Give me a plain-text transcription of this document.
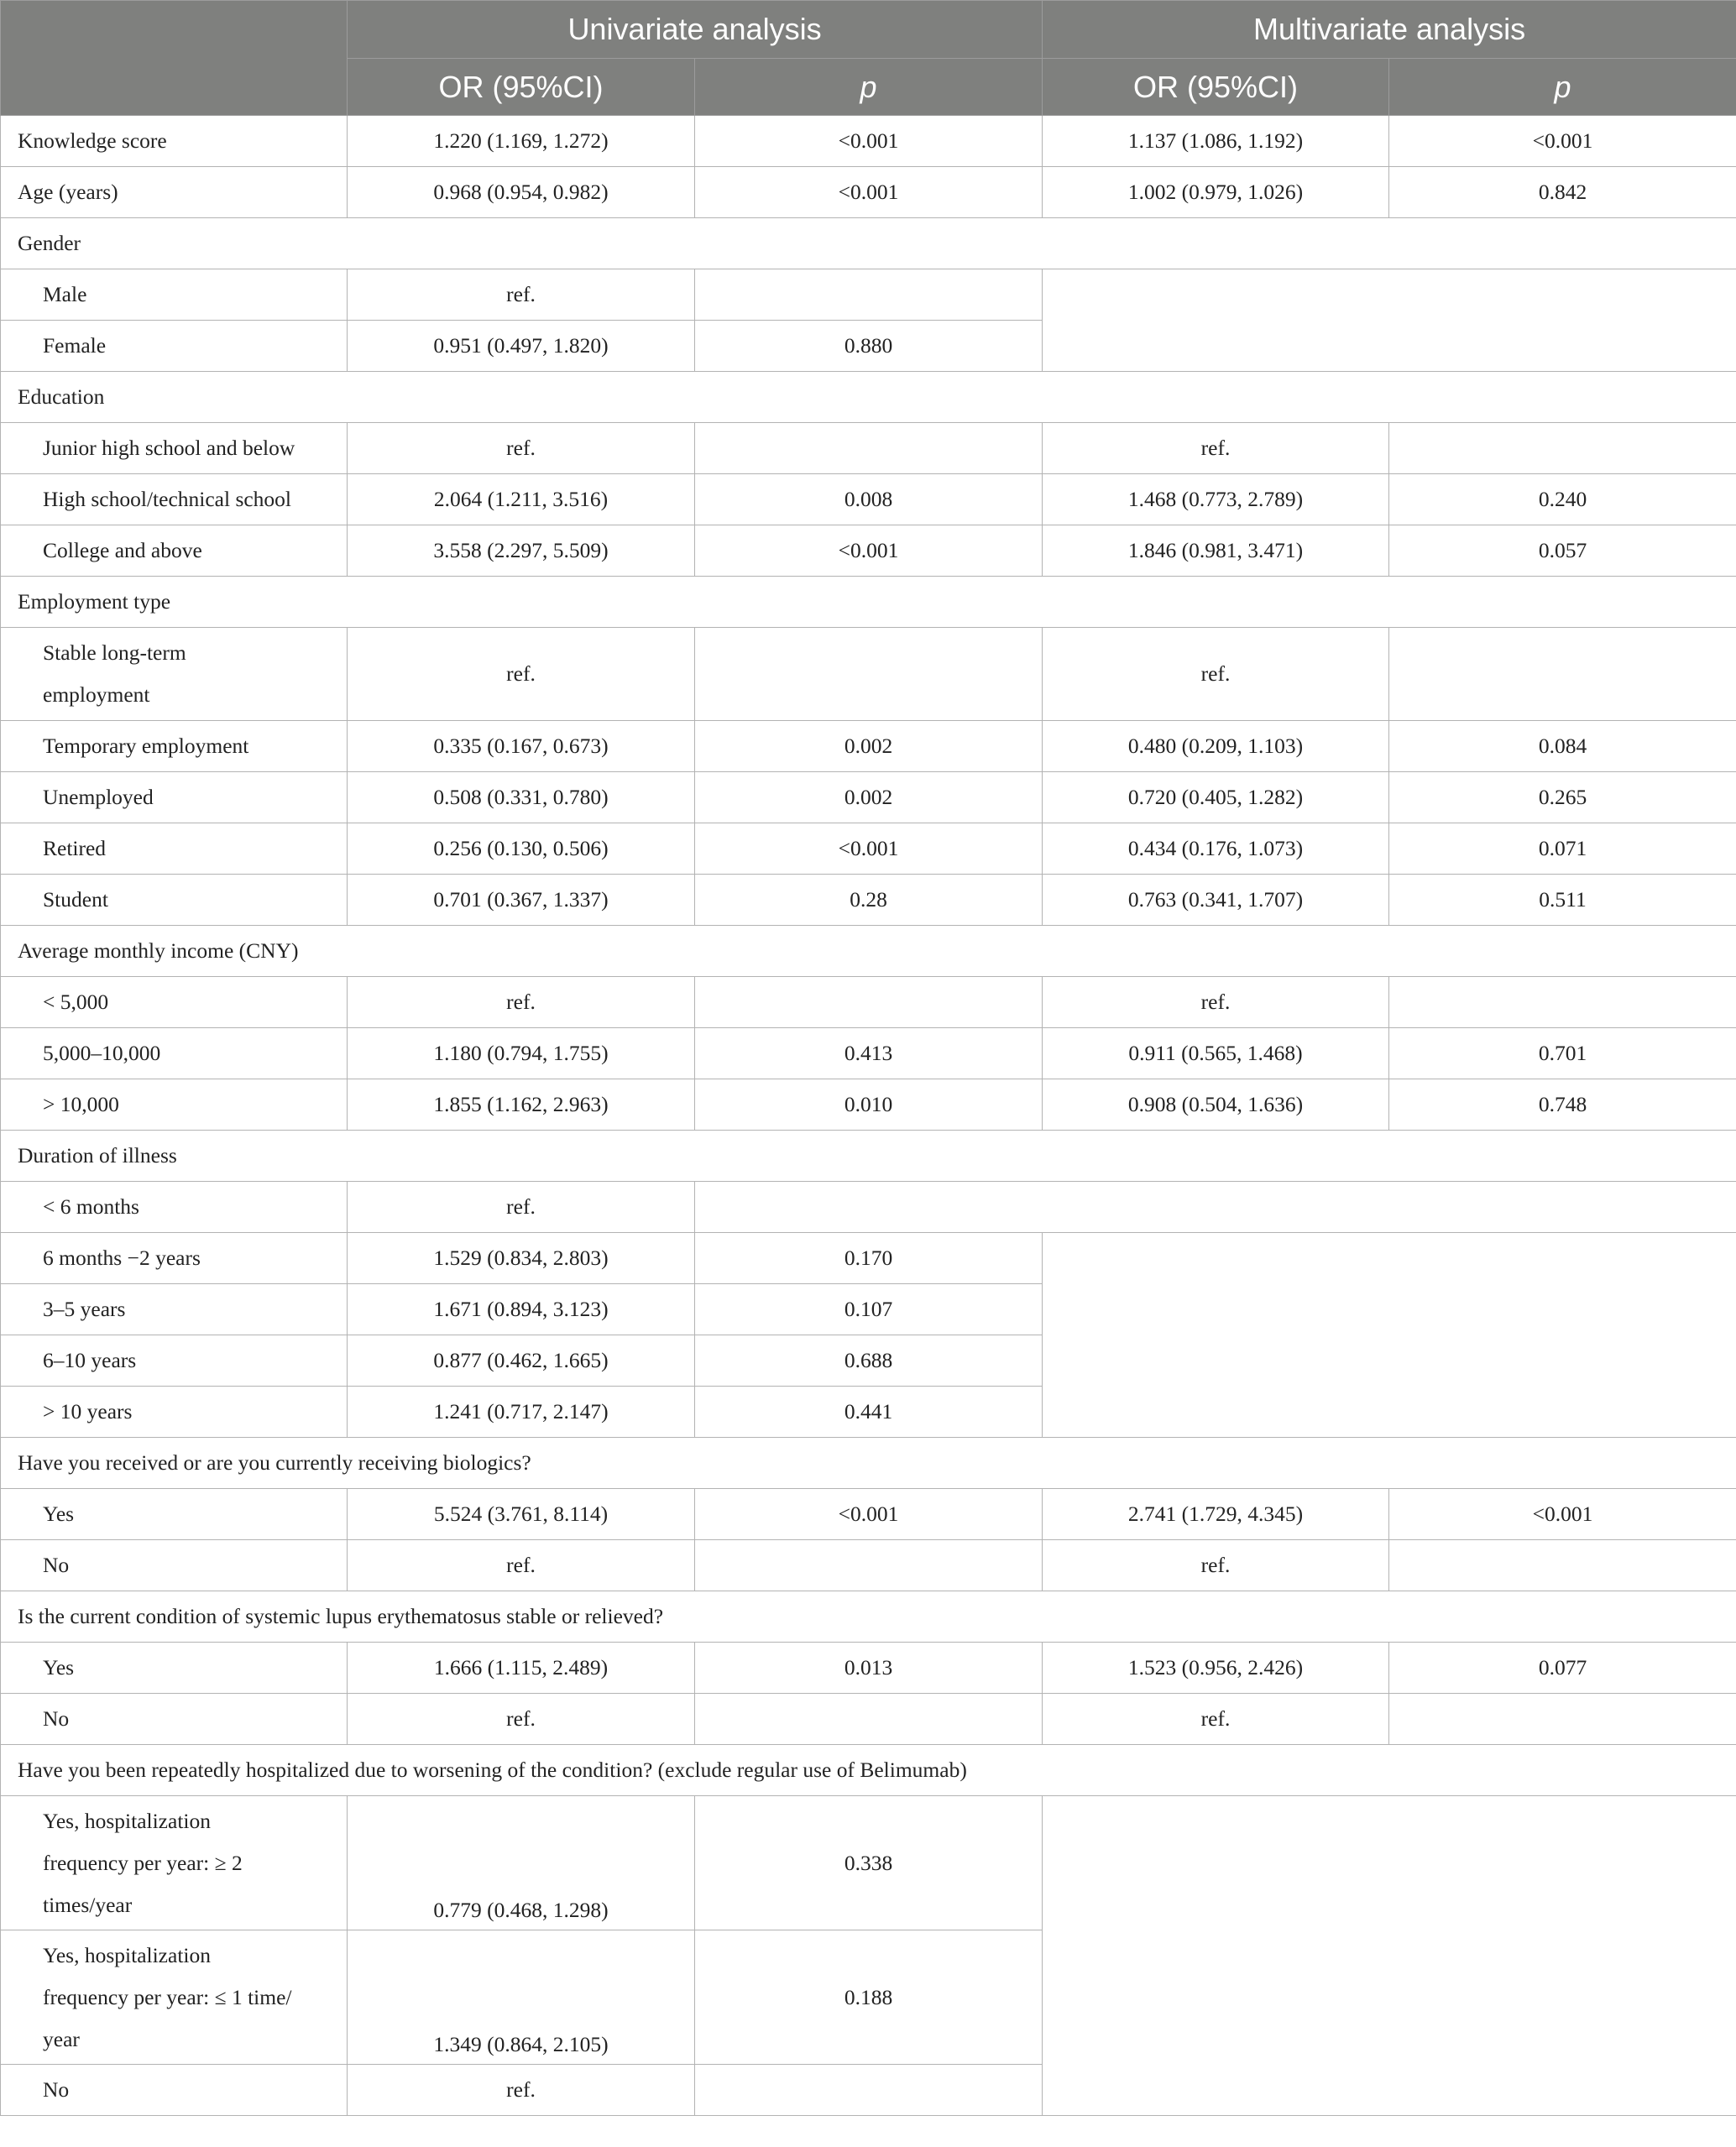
	Univariate analysis		Multivariate analysis	
	OR (95%CI)	p	OR (95%CI)	p
Knowledge score	1.220 (1.169, 1.272)	<0.001	1.137 (1.086, 1.192)	<0.001
Age (years)	0.968 (0.954, 0.982)	<0.001	1.002 (0.979, 1.026)	0.842
Gender				
Male	ref.			
Female	0.951 (0.497, 1.820)	0.880		
Education				
Junior high school and below	ref.		ref.	
High school/technical school	2.064 (1.211, 3.516)	0.008	1.468 (0.773, 2.789)	0.240
College and above	3.558 (2.297, 5.509)	<0.001	1.846 (0.981, 3.471)	0.057
Employment type				
Stable long-term
employment	ref.		ref.	
Temporary employment	0.335 (0.167, 0.673)	0.002	0.480 (0.209, 1.103)	0.084
Unemployed	0.508 (0.331, 0.780)	0.002	0.720 (0.405, 1.282)	0.265
Retired	0.256 (0.130, 0.506)	<0.001	0.434 (0.176, 1.073)	0.071
Student	0.701 (0.367, 1.337)	0.28	0.763 (0.341, 1.707)	0.511
Average monthly income (CNY)				
< 5,000	ref.		ref.	
5,000–10,000	1.180 (0.794, 1.755)	0.413	0.911 (0.565, 1.468)	0.701
> 10,000	1.855 (1.162, 2.963)	0.010	0.908 (0.504, 1.636)	0.748
Duration of illness				
< 6 months	ref.			
6 months −2 years	1.529 (0.834, 2.803)	0.170		
3–5 years	1.671 (0.894, 3.123)	0.107		
6–10 years	0.877 (0.462, 1.665)	0.688		
> 10 years	1.241 (0.717, 2.147)	0.441		
Have you received or are you currently receiving biologics?				
Yes	5.524 (3.761, 8.114)	<0.001	2.741 (1.729, 4.345)	<0.001
No	ref.		ref.	
Is the current condition of systemic lupus erythematosus stable or relieved?				
Yes	1.666 (1.115, 2.489)	0.013	1.523 (0.956, 2.426)	0.077
No	ref.		ref.	
Have you been repeatedly hospitalized due to worsening of the condition? (exclude regular use of Belimumab)				
Yes, hospitalization
frequency per year: ≥ 2
times/year	0.779 (0.468, 1.298)	0.338		
Yes, hospitalization
frequency per year: ≤ 1 time/
year	1.349 (0.864, 2.105)	0.188		
No	ref.			
